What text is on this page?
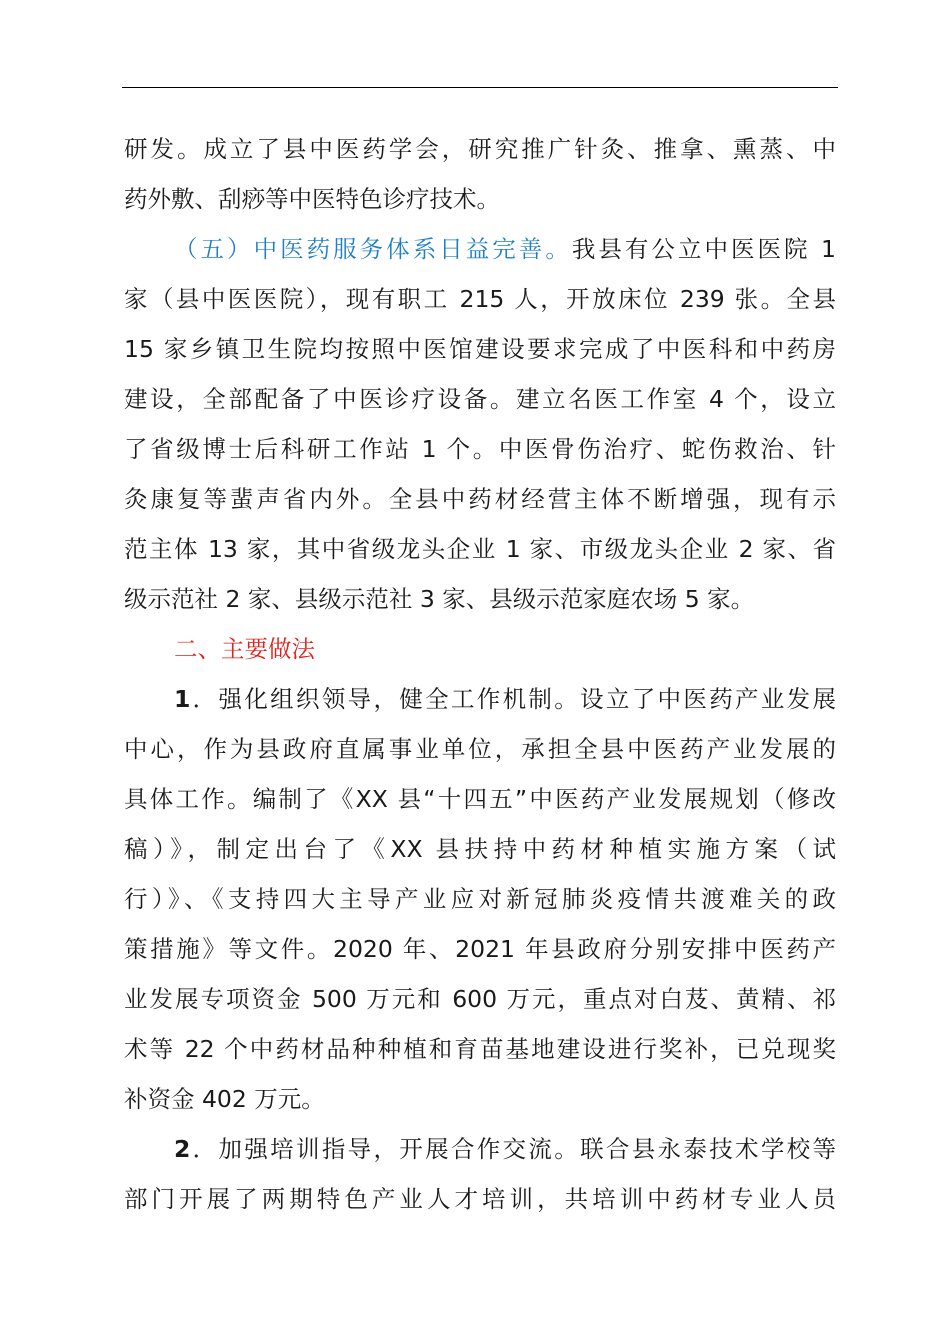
研发。成立了县中医药学会，研究推广针灸、推拿、熏蒸、中
药外敷、刮痧等中医特色诊疗技术。
（五）中医药服务体系日益完善。我县有公立中医医院 1
家（县中医医院），现有职工 215 人，开放床位 239 张。全县
15 家乡镇卫生院均按照中医馆建设要求完成了中医科和中药房
建设，全部配备了中医诊疗设备。建立名医工作室 4 个，设立
了省级博士后科研工作站 1 个。中医骨伤治疗、蛇伤救治、针
灸康复等蜚声省内外。全县中药材经营主体不断增强，现有示
范主体 13 家，其中省级龙头企业 1 家、市级龙头企业 2 家、省
级示范社 2 家、县级示范社 3 家、县级示范家庭农场 5 家。
二、主要做法
1．强化组织领导，健全工作机制。设立了中医药产业发展
中心，作为县政府直属事业单位，承担全县中医药产业发展的
具体工作。编制了《XX 县“十四五”中医药产业发展规划（修改
稿）》，制定出台了《XX 县扶持中药材种植实施方案（试
行）》、《支持四大主导产业应对新冠肺炎疫情共渡难关的政
策措施》等文件。2020 年、2021 年县政府分别安排中医药产
业发展专项资金 500 万元和 600 万元，重点对白芨、黄精、祁
术等 22 个中药材品种种植和育苗基地建设进行奖补，已兑现奖
补资金 402 万元。
2．加强培训指导，开展合作交流。联合县永泰技术学校等
部门开展了两期特色产业人才培训，共培训中药材专业人员
